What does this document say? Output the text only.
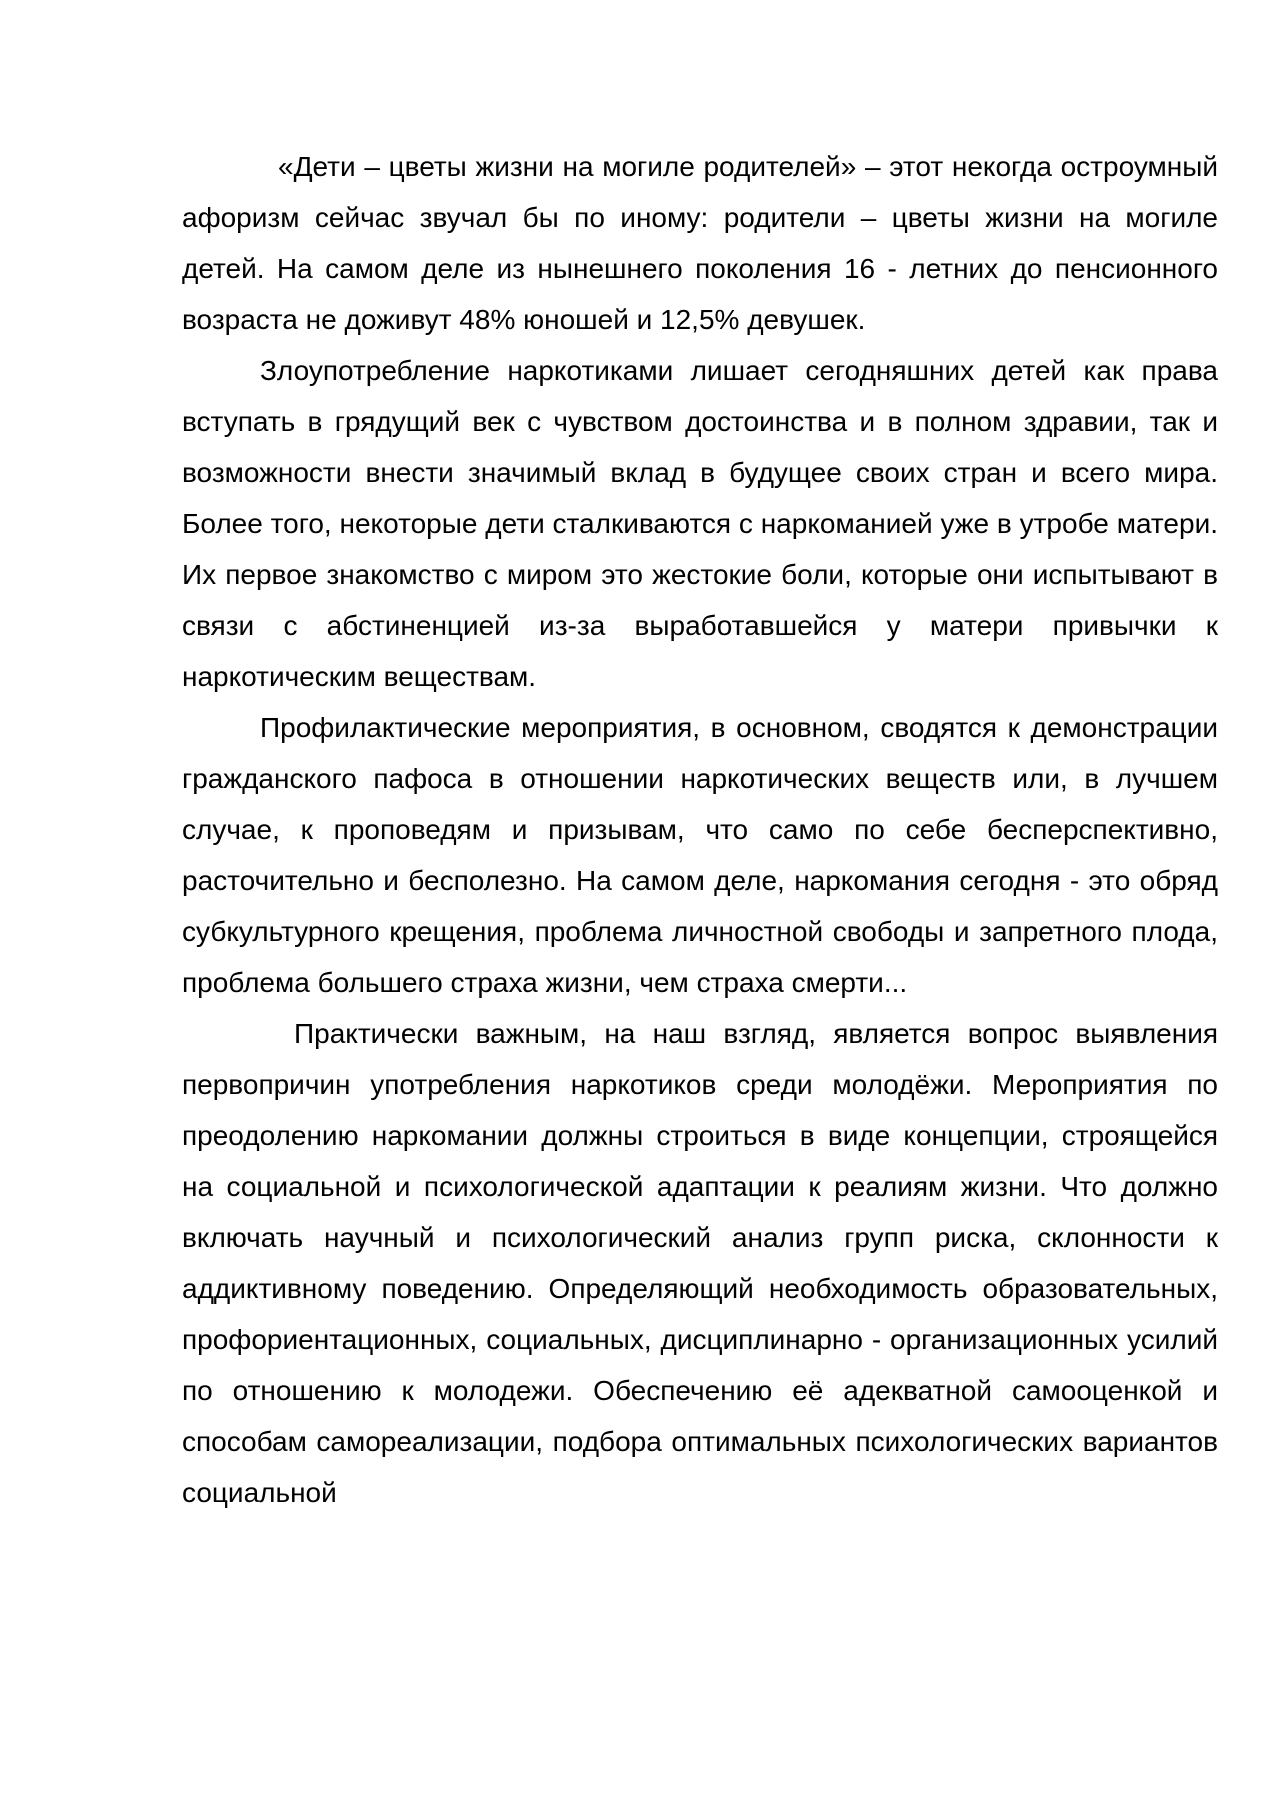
«Дети – цветы жизни на могиле родителей» – этот некогда остроумный афоризм сейчас звучал бы по иному: родители – цветы жизни на могиле детей. На самом деле из нынешнего поколения 16 - летних до пенсионного возраста не доживут 48% юношей и 12,5% девушек.

Злоупотребление наркотиками лишает сегодняшних детей как права вступать в грядущий век с чувством достоинства и в полном здравии, так и возможности внести значимый вклад в будущее своих стран и всего мира. Более того, некоторые дети сталкиваются с наркоманией уже в утробе матери. Их первое знакомство с миром это жестокие боли, которые они испытывают в связи с абстиненцией из-за выработавшейся у матери привычки к наркотическим веществам.

Профилактические мероприятия, в основном, сводятся к демонстрации гражданского пафоса в отношении наркотических веществ или, в лучшем случае, к проповедям и призывам, что само по себе бесперспективно, расточительно и бесполезно. На самом деле, наркомания сегодня - это обряд субкультурного крещения, проблема личностной свободы и запретного плода, проблема большего страха жизни, чем страха смерти...

Практически важным, на наш взгляд, является вопрос выявления первопричин употребления наркотиков среди молодёжи. Мероприятия по преодолению наркомании должны строиться в виде концепции, строящейся на социальной и психологической адаптации к реалиям жизни. Что должно включать научный и психологический анализ групп риска, склонности к аддиктивному поведению. Определяющий необходимость образовательных, профориентационных, социальных, дисциплинарно - организационных усилий по отношению к молодежи. Обеспечению её адекватной самооценкой и способам самореализации, подбора оптимальных психологических вариантов социальной
